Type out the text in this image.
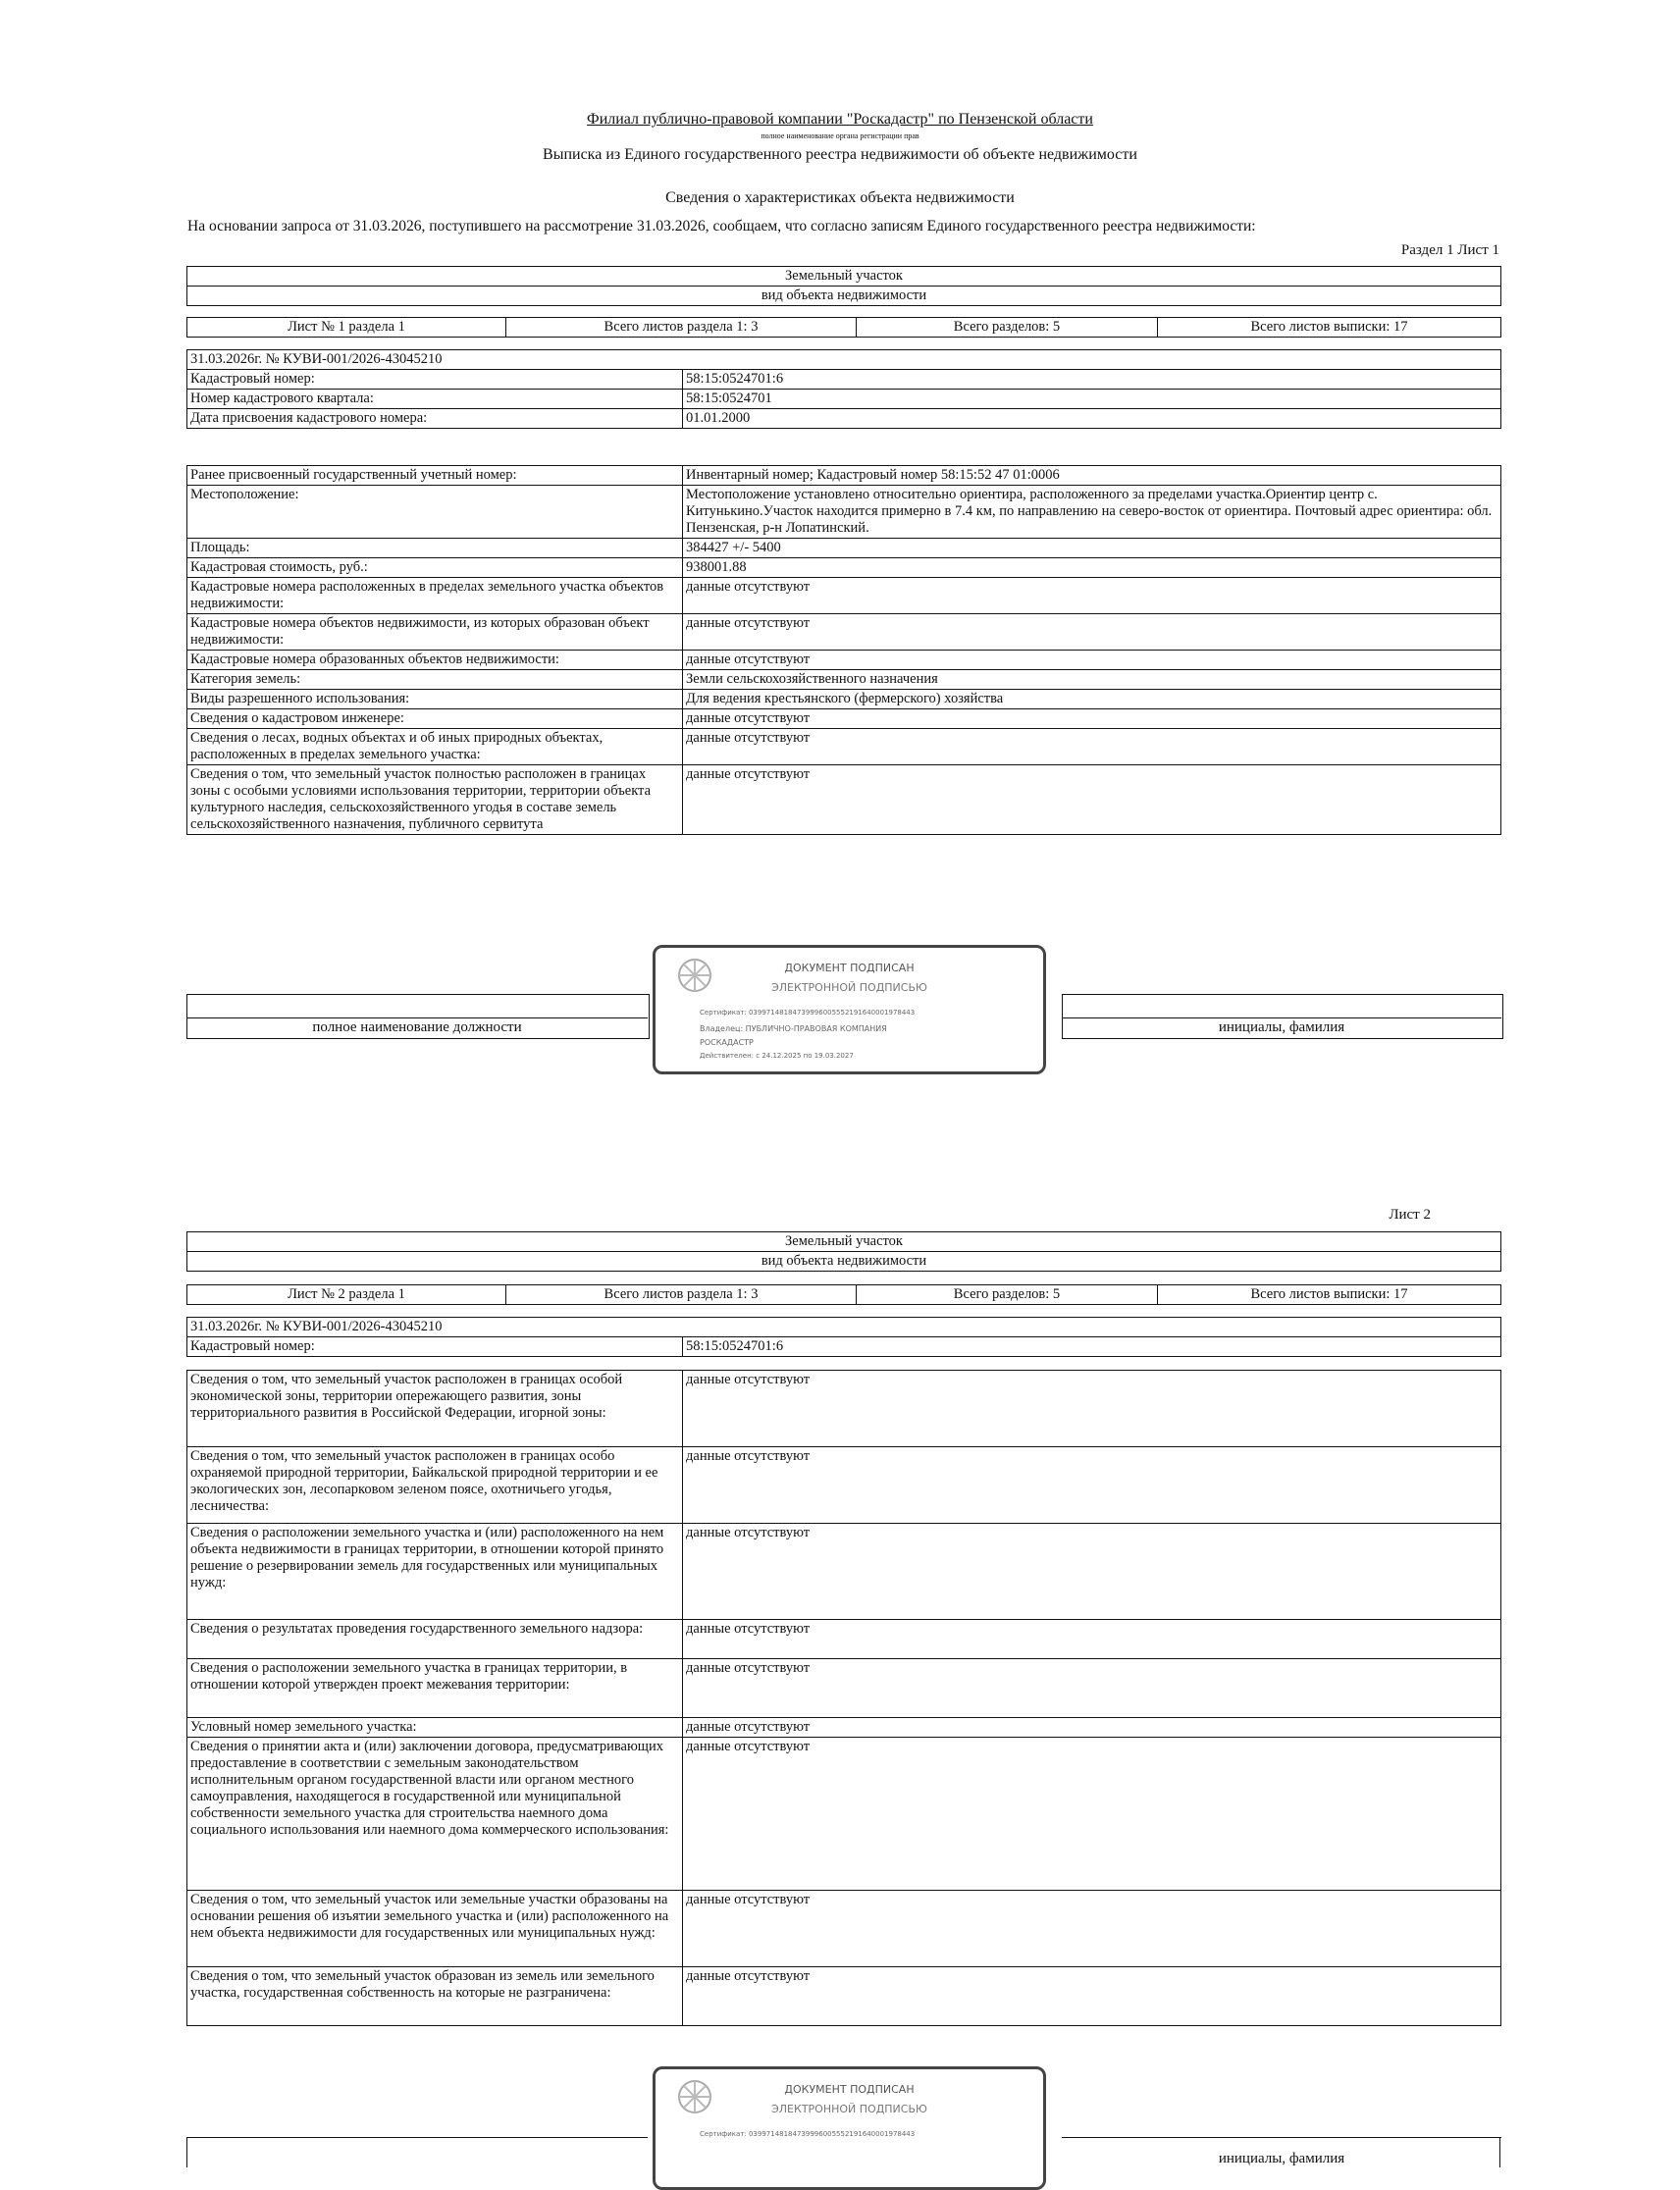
Филиал публично-правовой компании "Роскадастр" по Пензенской области
полное наименование органа регистрации прав
Выписка из Единого государственного реестра недвижимости об объекте недвижимости
Сведения о характеристиках объекта недвижимости
На основании запроса от 31.03.2026, поступившего на рассмотрение 31.03.2026, сообщаем, что согласно записям Единого государственного реестра недвижимости:
Раздел 1 Лист 1
Земельный участок
вид объекта недвижимости
Лист № 1 раздела 1	Всего листов раздела 1: 3	Всего разделов: 5	Всего листов выписки: 17
31.03.2026г. № КУВИ-001/2026-43045210	
Кадастровый номер:	58:15:0524701:6
Номер кадастрового квартала:	58:15:0524701
Дата присвоения кадастрового номера:	01.01.2000
Ранее присвоенный государственный учетный номер:	Инвентарный номер; Кадастровый номер 58:15:52 47 01:0006
Местоположение:	Местоположение установлено относительно ориентира, расположенного за пределами участка.Ориентир центр с. Китунькино.Участок находится примерно в 7.4 км, по направлению на северо-восток от ориентира. Почтовый адрес ориентира: обл. Пензенская, р-н Лопатинский.
Площадь:	384427 +/- 5400
Кадастровая стоимость, руб.:	938001.88
Кадастровые номера расположенных в пределах земельного участка объектов недвижимости:	данные отсутствуют
Кадастровые номера объектов недвижимости, из которых образован объект недвижимости:	данные отсутствуют
Кадастровые номера образованных объектов недвижимости:	данные отсутствуют
Категория земель:	Земли сельскохозяйственного назначения
Виды разрешенного использования:	Для ведения крестьянского (фермерского) хозяйства
Сведения о кадастровом инженере:	данные отсутствуют
Сведения о лесах, водных объектах и об иных природных объектах, расположенных в пределах земельного участка:	данные отсутствуют
Сведения о том, что земельный участок полностью расположен в границах зоны с особыми условиями использования территории, территории объекта культурного наследия, сельскохозяйственного угодья в составе земель сельскохозяйственного назначения, публичного сервитута	данные отсутствуют
полное наименование должности	инициалы, фамилия
ДОКУМЕНТ ПОДПИСАН
ЭЛЕКТРОННОЙ ПОДПИСЬЮ
Сертификат: 03997148184739996005552191640001978443
Владелец: ПУБЛИЧНО-ПРАВОВАЯ КОМПАНИЯ
РОСКАДАСТР
Действителен: с 24.12.2025 по 19.03.2027
Лист 2
Земельный участок
вид объекта недвижимости
Лист № 2 раздела 1	Всего листов раздела 1: 3	Всего разделов: 5	Всего листов выписки: 17
31.03.2026г. № КУВИ-001/2026-43045210
Кадастровый номер:	58:15:0524701:6
Сведения о том, что земельный участок расположен в границах особой экономической зоны, территории опережающего развития, зоны территориального развития в Российской Федерации, игорной зоны:	данные отсутствуют
Сведения о том, что земельный участок расположен в границах особо охраняемой природной территории, Байкальской природной территории и ее экологических зон, лесопарковом зеленом поясе, охотничьего угодья, лесничества:	данные отсутствуют
Сведения о расположении земельного участка и (или) расположенного на нем объекта недвижимости в границах территории, в отношении которой принято решение о резервировании земель для государственных или муниципальных нужд:	данные отсутствуют
Сведения о результатах проведения государственного земельного надзора:	данные отсутствуют
Сведения о расположении земельного участка в границах территории, в отношении которой утвержден проект межевания территории:	данные отсутствуют
Условный номер земельного участка:	данные отсутствуют
Сведения о принятии акта и (или) заключении договора, предусматривающих предоставление в соответствии с земельным законодательством исполнительным органом государственной власти или органом местного самоуправления, находящегося в государственной или муниципальной собственности земельного участка для строительства наемного дома социального использования или наемного дома коммерческого использования:	данные отсутствуют
Сведения о том, что земельный участок или земельные участки образованы на основании решения об изъятии земельного участка и (или) расположенного на нем объекта недвижимости для государственных или муниципальных нужд:	данные отсутствуют
Сведения о том, что земельный участок образован из земель или земельного участка, государственная собственность на которые не разграничена:	данные отсутствуют
инициалы, фамилия
ДОКУМЕНТ ПОДПИСАН
ЭЛЕКТРОННОЙ ПОДПИСЬЮ
Сертификат: 03997148184739996005552191640001978443
